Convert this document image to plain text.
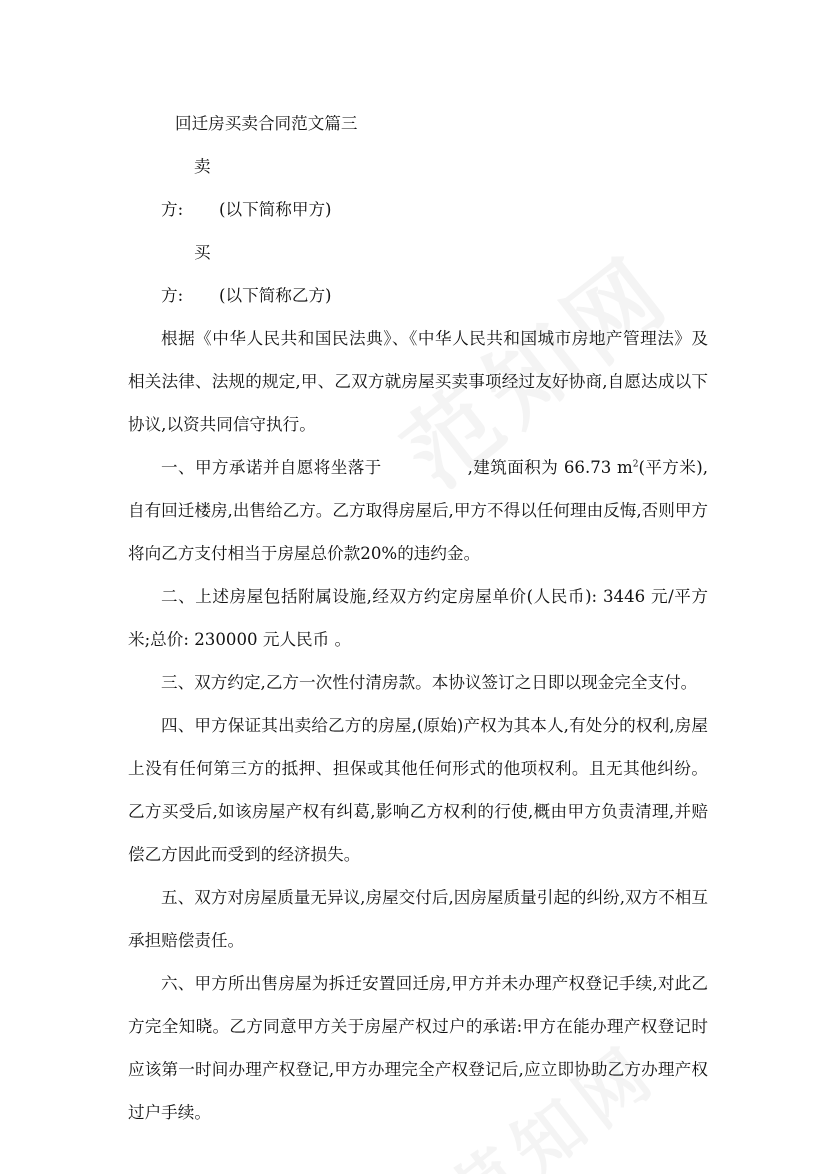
回迁房买卖合同范文篇三

卖方: (以下简称甲方)

买方: (以下简称乙方)

根据《中华人民共和国民法典》、《中华人民共和国城市房地产管理法》及相关法律、法规的规定,甲、乙双方就房屋买卖事项经过友好协商,自愿达成以下协议,以资共同信守执行。

一、甲方承诺并自愿将坐落于	,建筑面积为 66.73 $m^2$(平方米),自有回迁楼房,出售给乙方。乙方取得房屋后,甲方不得以任何理由反悔,否则甲方将向乙方支付相当于房屋总价款20%的违约金。

二、上述房屋包括附属设施,经双方约定房屋单价(人民币): 3446 元/平方米;总价: 230000 元人民币 。

三、双方约定,乙方一次性付清房款。本协议签订之日即以现金完全支付。

四、甲方保证其出卖给乙方的房屋,(原始)产权为其本人,有处分的权利,房屋上没有任何第三方的抵押、担保或其他任何形式的他项权利。且无其他纠纷。乙方买受后,如该房屋产权有纠葛,影响乙方权利的行使,概由甲方负责清理,并赔偿乙方因此而受到的经济损失。

五、双方对房屋质量无异议,房屋交付后,因房屋质量引起的纠纷,双方不相互承担赔偿责任。

六、甲方所出售房屋为拆迁安置回迁房,甲方并未办理产权登记手续,对此乙方完全知晓。乙方同意甲方关于房屋产权过户的承诺:甲方在能办理产权登记时应该第一时间办理产权登记,甲方办理完全产权登记后,应立即协助乙方办理产权过户手续。
